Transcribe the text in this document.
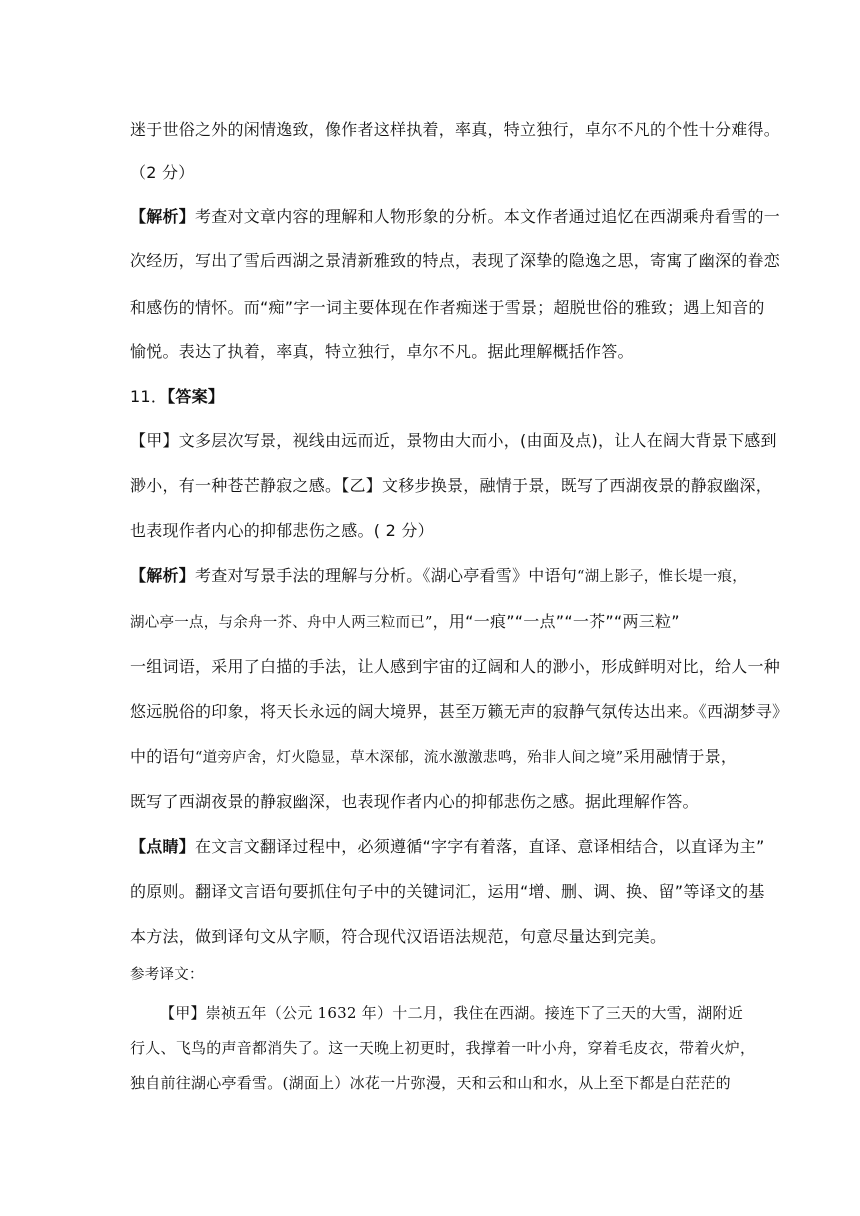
迷于世俗之外的闲情逸致，像作者这样执着，率真，特立独行，卓尔不凡的个性十分难得。
（2 分）
【解析】考查对文章内容的理解和人物形象的分析。本文作者通过追忆在西湖乘舟看雪的一
次经历，写出了雪后西湖之景清新雅致的特点，表现了深挚的隐逸之思，寄寓了幽深的眷恋
和感伤的情怀。而“痴”字一词主要体现在作者痴迷于雪景；超脱世俗的雅致；遇上知音的
愉悦。表达了执着，率真，特立独行，卓尔不凡。据此理解概括作答。
11．【答案】
【甲】文多层次写景，视线由远而近，景物由大而小，(由面及点)，让人在阔大背景下感到
渺小，有一种苍芒静寂之感。【乙】文移步换景，融情于景，既写了西湖夜景的静寂幽深，
也表现作者内心的抑郁悲伤之感。( 2 分）
【解析】考查对写景手法的理解与分析。《湖心亭看雪》中语句“湖上影子，惟长堤一痕，
湖心亭一点，与余舟一芥、舟中人两三粒而已”，用“一痕”“一点”“一芥”“两三粒”
一组词语，采用了白描的手法，让人感到宇宙的辽阔和人的渺小，形成鲜明对比，给人一种
悠远脱俗的印象，将天长永远的阔大境界，甚至万籁无声的寂静气氛传达出来。《西湖梦寻》
中的语句“道旁庐舍，灯火隐显，草木深郁，流水激激悲鸣，殆非人间之境”采用融情于景，
既写了西湖夜景的静寂幽深，也表现作者内心的抑郁悲伤之感。据此理解作答。
【点睛】在文言文翻译过程中，必须遵循“字字有着落，直译、意译相结合，以直译为主”
的原则。翻译文言语句要抓住句子中的关键词汇，运用“增、删、调、换、留”等译文的基
本方法，做到译句文从字顺，符合现代汉语语法规范，句意尽量达到完美。
参考译文：
【甲】崇祯五年（公元 1632 年）十二月，我住在西湖。接连下了三天的大雪，湖附近
行人、飞鸟的声音都消失了。这一天晚上初更时，我撑着一叶小舟，穿着毛皮衣，带着火炉，
独自前往湖心亭看雪。(湖面上）冰花一片弥漫，天和云和山和水，从上至下都是白茫茫的
